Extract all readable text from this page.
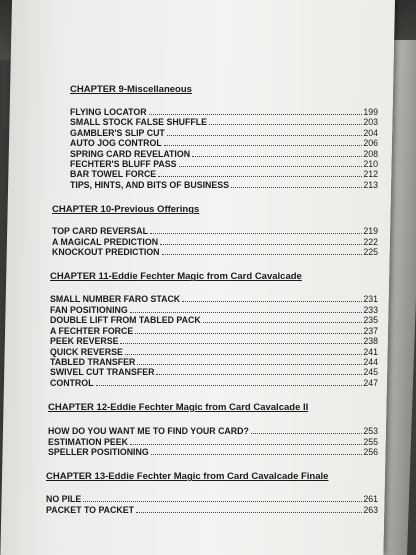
CHAPTER 9-Miscellaneous

FLYING LOCATOR	199
SMALL STOCK FALSE SHUFFLE	203
GAMBLER'S SLIP CUT	204
AUTO JOG CONTROL	206
SPRING CARD REVELATION	208
FECHTER'S BLUFF PASS	210
BAR TOWEL FORCE	212
TIPS, HINTS, AND BITS OF BUSINESS	213

CHAPTER 10-Previous Offerings

TOP CARD REVERSAL	219
A MAGICAL PREDICTION	222
KNOCKOUT PREDICTION	225

CHAPTER 11-Eddie Fechter Magic from Card Cavalcade

SMALL NUMBER FARO STACK	231
FAN POSITIONING	233
DOUBLE LIFT FROM TABLED PACK	235
A FECHTER FORCE	237
PEEK REVERSE	238
QUICK REVERSE	241
TABLED TRANSFER	244
SWIVEL CUT TRANSFER	245
CONTROL	247

CHAPTER 12-Eddie Fechter Magic from Card Cavalcade II

HOW DO YOU WANT ME TO FIND YOUR CARD?	253
ESTIMATION PEEK	255
SPELLER POSITIONING	256

CHAPTER 13-Eddie Fechter Magic from Card Cavalcade Finale

NO PILE	261
PACKET TO PACKET	263
